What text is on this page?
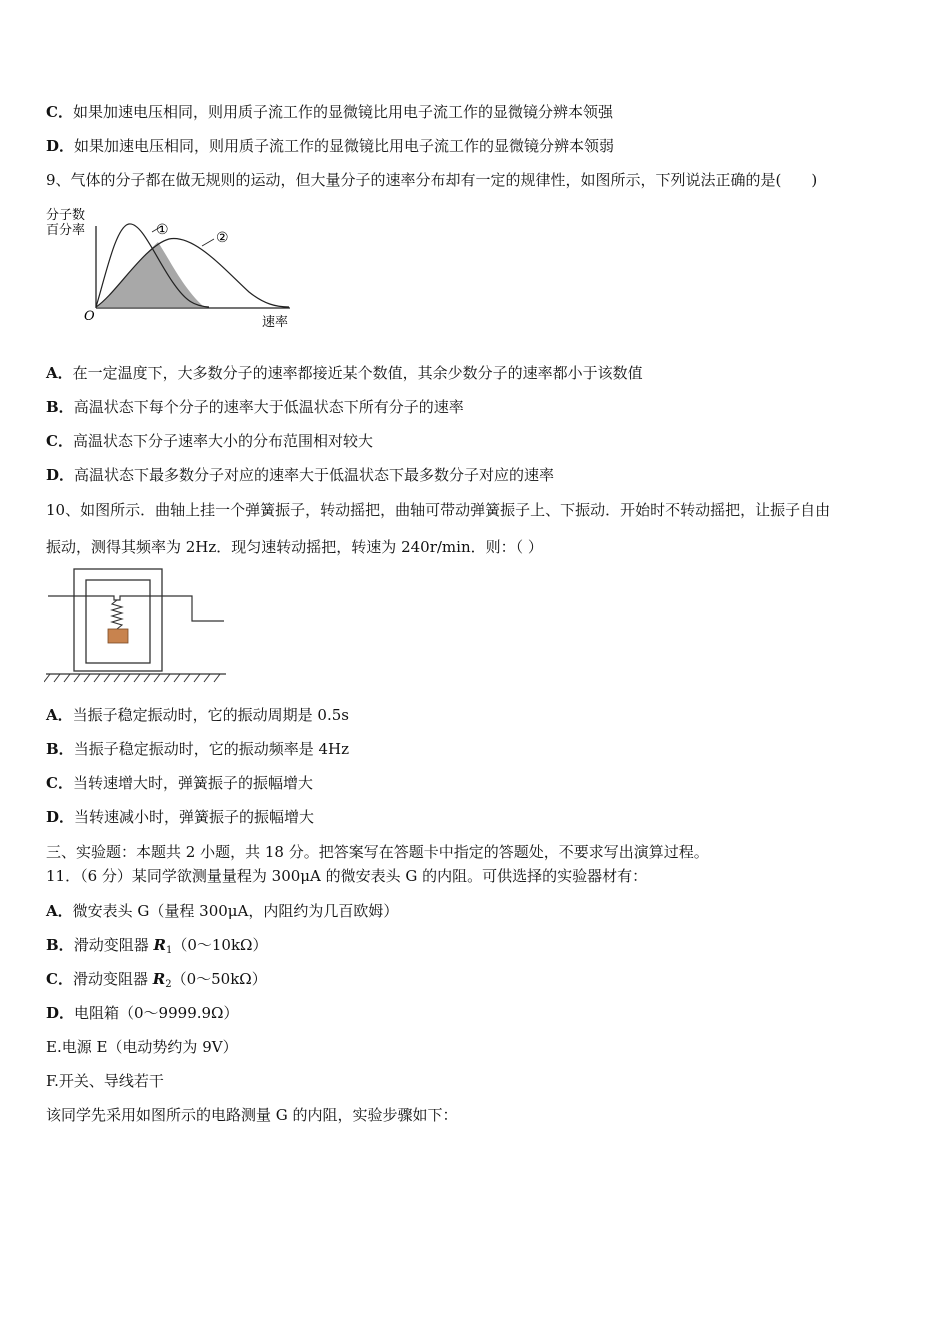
C．如果加速电压相同，则用质子流工作的显微镜比用电子流工作的显微镜分辨本领强
D．如果加速电压相同，则用质子流工作的显微镜比用电子流工作的显微镜分辨本领弱
9、气体的分子都在做无规则的运动，但大量分子的速率分布却有一定的规律性，如图所示，下列说法正确的是(　　)
分子数
百分率	①	②
O	速率
A．在一定温度下，大多数分子的速率都接近某个数值，其余少数分子的速率都小于该数值
B．高温状态下每个分子的速率大于低温状态下所有分子的速率
C．高温状态下分子速率大小的分布范围相对较大
D．高温状态下最多数分子对应的速率大于低温状态下最多数分子对应的速率
10、如图所示．曲轴上挂一个弹簧振子，转动摇把，曲轴可带动弹簧振子上、下振动．开始时不转动摇把，让振子自由
振动，测得其频率为 2Hz．现匀速转动摇把，转速为 240r/min．则：（ ）
A．当振子稳定振动时，它的振动周期是 0.5s
B．当振子稳定振动时，它的振动频率是 4Hz
C．当转速增大时，弹簧振子的振幅增大
D．当转速减小时，弹簧振子的振幅增大
三、实验题：本题共 2 小题，共 18 分。把答案写在答题卡中指定的答题处，不要求写出演算过程。
11．（6 分）某同学欲测量量程为 300μA 的微安表头 G 的内阻。可供选择的实验器材有：
A．微安表头 G（量程 300μA，内阻约为几百欧姆）
B．滑动变阻器 $R_1(0\sim 10k\Omega)$
C．滑动变阻器 $R_2(0\sim 50k\Omega)$
D．电阻箱（0～9999.9Ω）
E.电源 E（电动势约为 9V）
F.开关、导线若干
该同学先采用如图所示的电路测量 G 的内阻，实验步骤如下：
